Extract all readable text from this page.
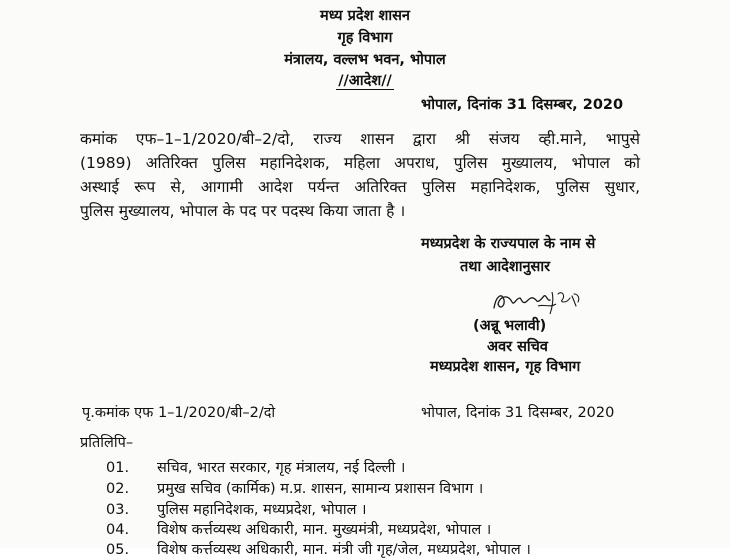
मध्य प्रदेश शासन
गृह विभाग
मंत्रालय, वल्लभ भवन, भोपाल
//आदेश//
भोपाल, दिनांक 31 दिसम्बर, 2020
कमांक एफ–1–1/2020/बी–2/दो, राज्य शासन द्वारा श्री संजय व्ही.माने, भापुसे
(1989) अतिरिक्त पुलिस महानिदेशक, महिला अपराध, पुलिस मुख्यालय, भोपाल को
अस्थाई रूप से, आगामी आदेश पर्यन्त अतिरिक्त पुलिस महानिदेशक, पुलिस सुधार,
पुलिस मुख्यालय, भोपाल के पद पर पदस्थ किया जाता है ।
मध्यप्रदेश के राज्यपाल के नाम से
तथा आदेशानुसार
(अन्नू भलावी)
अवर सचिव
मध्यप्रदेश शासन, गृह विभाग
पृ.कमांक एफ 1–1/2020/बी–2/दो	भोपाल, दिनांक 31 दिसम्बर, 2020
प्रतिलिपि–
01. सचिव, भारत सरकार, गृह मंत्रालय, नई दिल्ली ।
02. प्रमुख सचिव (कार्मिक) म.प्र. शासन, सामान्य प्रशासन विभाग ।
03. पुलिस महानिदेशक, मध्यप्रदेश, भोपाल ।
04. विशेष कर्त्तव्यस्थ अधिकारी, मान. मुख्यमंत्री, मध्यप्रदेश, भोपाल ।
05. विशेष कर्त्तव्यस्थ अधिकारी, मान. मंत्री जी गृह/जेल, मध्यप्रदेश, भोपाल ।
